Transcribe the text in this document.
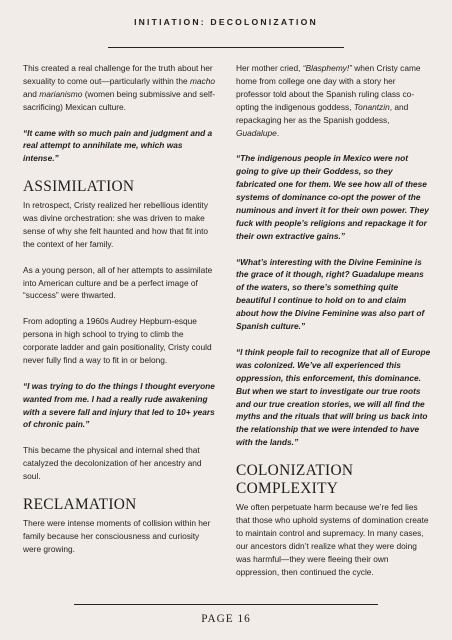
INITIATION: DECOLONIZATION

This created a real challenge for the truth about her sexuality to come out—particularly within the macho and marianismo (women being submissive and self-sacrificing) Mexican culture.

“It came with so much pain and judgment and a real attempt to annihilate me, which was intense.”

ASSIMILATION

In retrospect, Cristy realized her rebellious identity was divine orchestration: she was driven to make sense of why she felt haunted and how that fit into the context of her family.

As a young person, all of her attempts to assimilate into American culture and be a perfect image of “success” were thwarted.

From adopting a 1960s Audrey Hepburn-esque persona in high school to trying to climb the corporate ladder and gain positionality, Cristy could never fully find a way to fit in or belong.

“I was trying to do the things I thought everyone wanted from me. I had a really rude awakening with a severe fall and injury that led to 10+ years of chronic pain.”

This became the physical and internal shed that catalyzed the decolonization of her ancestry and soul.

RECLAMATION

There were intense moments of collision within her family because her consciousness and curiosity were growing.

Her mother cried, “Blasphemy!” when Cristy came home from college one day with a story her professor told about the Spanish ruling class co-opting the indigenous goddess, Tonantzin, and repackaging her as the Spanish goddess, Guadalupe.

“The indigenous people in Mexico were not going to give up their Goddess, so they fabricated one for them. We see how all of these systems of dominance co-opt the power of the numinous and invert it for their own power. They fuck with people’s religions and repackage it for their own extractive gains.”

“What’s interesting with the Divine Feminine is the grace of it though, right? Guadalupe means of the waters, so there’s something quite beautiful I continue to hold on to and claim about how the Divine Feminine was also part of Spanish culture.”

“I think people fail to recognize that all of Europe was colonized. We’ve all experienced this oppression, this enforcement, this dominance. But when we start to investigate our true roots and our true creation stories, we will all find the myths and the rituals that will bring us back into the relationship that we were intended to have with the lands.”

COLONIZATION COMPLEXITY

We often perpetuate harm because we’re fed lies that those who uphold systems of domination create to maintain control and supremacy. In many cases, our ancestors didn’t realize what they were doing was harmful—they were fleeing their own oppression, then continued the cycle.

PAGE 16
